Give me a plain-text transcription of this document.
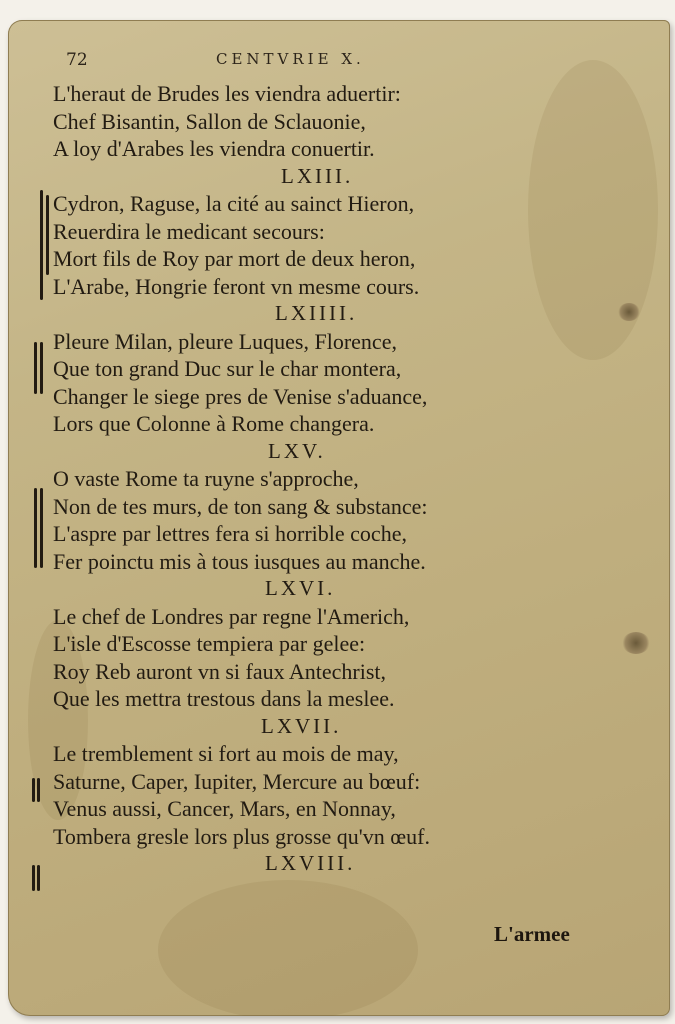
72	CENTVRIE X.
L'heraut de Brudes les viendra aduertir:
Chef Bisantin, Sallon de Sclauonie,
A loy d'Arabes les viendra conuertir.
LXIII.
Cydron, Raguse, la cité au sainct Hieron,
Reuerdira le medicant secours:
Mort fils de Roy par mort de deux heron,
L'Arabe, Hongrie feront vn mesme cours.
LXIIII.
Pleure Milan, pleure Luques, Florence,
Que ton grand Duc sur le char montera,
Changer le siege pres de Venise s'aduance,
Lors que Colonne à Rome changera.
LXV.
O vaste Rome ta ruyne s'approche,
Non de tes murs, de ton sang & substance:
L'aspre par lettres fera si horrible coche,
Fer poinctu mis à tous iusques au manche.
LXVI.
Le chef de Londres par regne l'Americh,
L'isle d'Escosse tempiera par gelee:
Roy Reb auront vn si faux Antechrist,
Que les mettra trestous dans la meslee.
LXVII.
Le tremblement si fort au mois de may,
Saturne, Caper, Iupiter, Mercure au bœuf:
Venus aussi, Cancer, Mars, en Nonnay,
Tombera gresle lors plus grosse qu'vn œuf.
LXVIII.
L'armee
